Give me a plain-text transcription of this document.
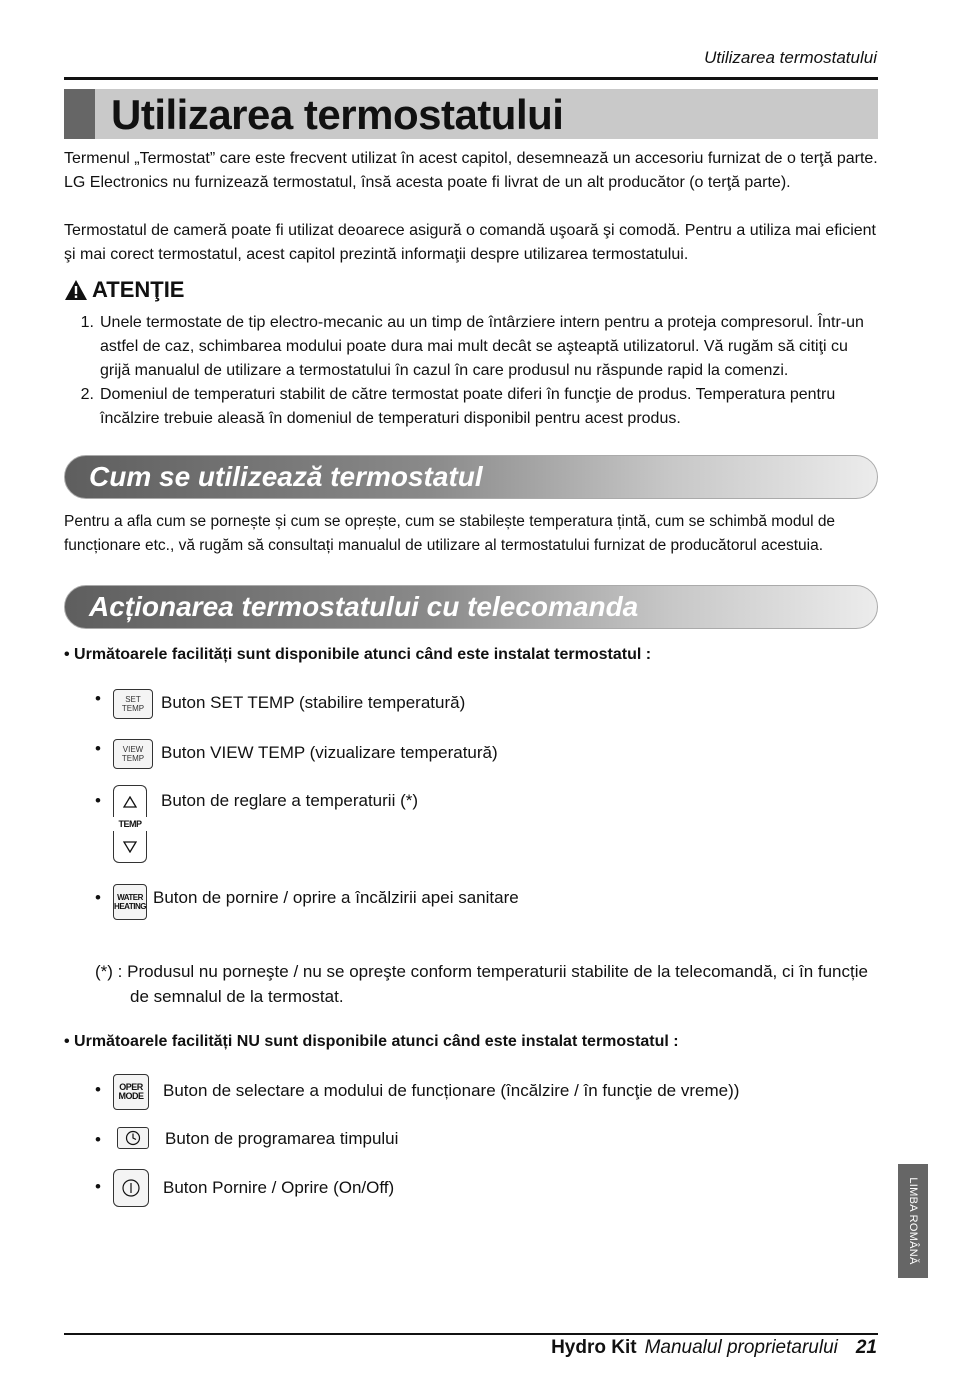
Utilizarea termostatului
Utilizarea termostatului
Termenul „Termostat” care este frecvent utilizat în acest capitol, desemnează un accesoriu furnizat de o terţă parte. LG Electronics nu furnizează termostatul, însă acesta poate fi livrat de un alt producător (o terţă parte).
Termostatul de cameră poate fi utilizat deoarece asigură o comandă uşoară şi comodă. Pentru a utiliza mai eficient şi mai corect termostatul, acest capitol prezintă informaţii despre utilizarea termostatului.
ATENŢIE
1. Unele termostate de tip electro-mecanic au un timp de întârziere intern pentru a proteja compresorul. Într-un astfel de caz, schimbarea modului poate dura mai mult decât se aşteaptă utilizatorul. Vă rugăm să citiţi cu grijă manualul de utilizare a termostatului în cazul în care produsul nu răspunde rapid la comenzi.
2. Domeniul de temperaturi stabilit de către termostat poate diferi în funcţie de produs. Temperatura pentru încălzire trebuie aleasă în domeniul de temperaturi disponibil pentru acest produs.
Cum se utilizează termostatul
Pentru a afla cum se pornește și cum se oprește, cum se stabilește temperatura țintă, cum se schimbă modul de funcționare etc., vă rugăm să consultați manualul de utilizare al termostatului furnizat de producătorul acestuia.
Acționarea termostatului cu telecomanda
• Următoarele facilități sunt disponibile atunci când este instalat termostatul :
•	SET
TEMP Buton SET TEMP (stabilire temperatură)
•	VIEW
TEMP Buton VIEW TEMP (vizualizare temperatură)
•
TEMP
Buton de reglare a temperaturii (*)
•	WATER
HEATING Buton de pornire / oprire a încălzirii apei sanitare
(*) : Produsul nu porneşte / nu se opreşte conform temperaturii stabilite de la telecomandă, ci în funcție de semnalul de la termostat.
• Următoarele facilități NU sunt disponibile atunci când este instalat termostatul :
•	OPER
MODE Buton de selectare a modului de funcționare (încălzire / în funcţie de vreme))
•	Buton de programarea timpului
•	Buton Pornire / Oprire (On/Off)	LIMBA ROMÂNĂ
Hydro Kit Manualul proprietarului 21
